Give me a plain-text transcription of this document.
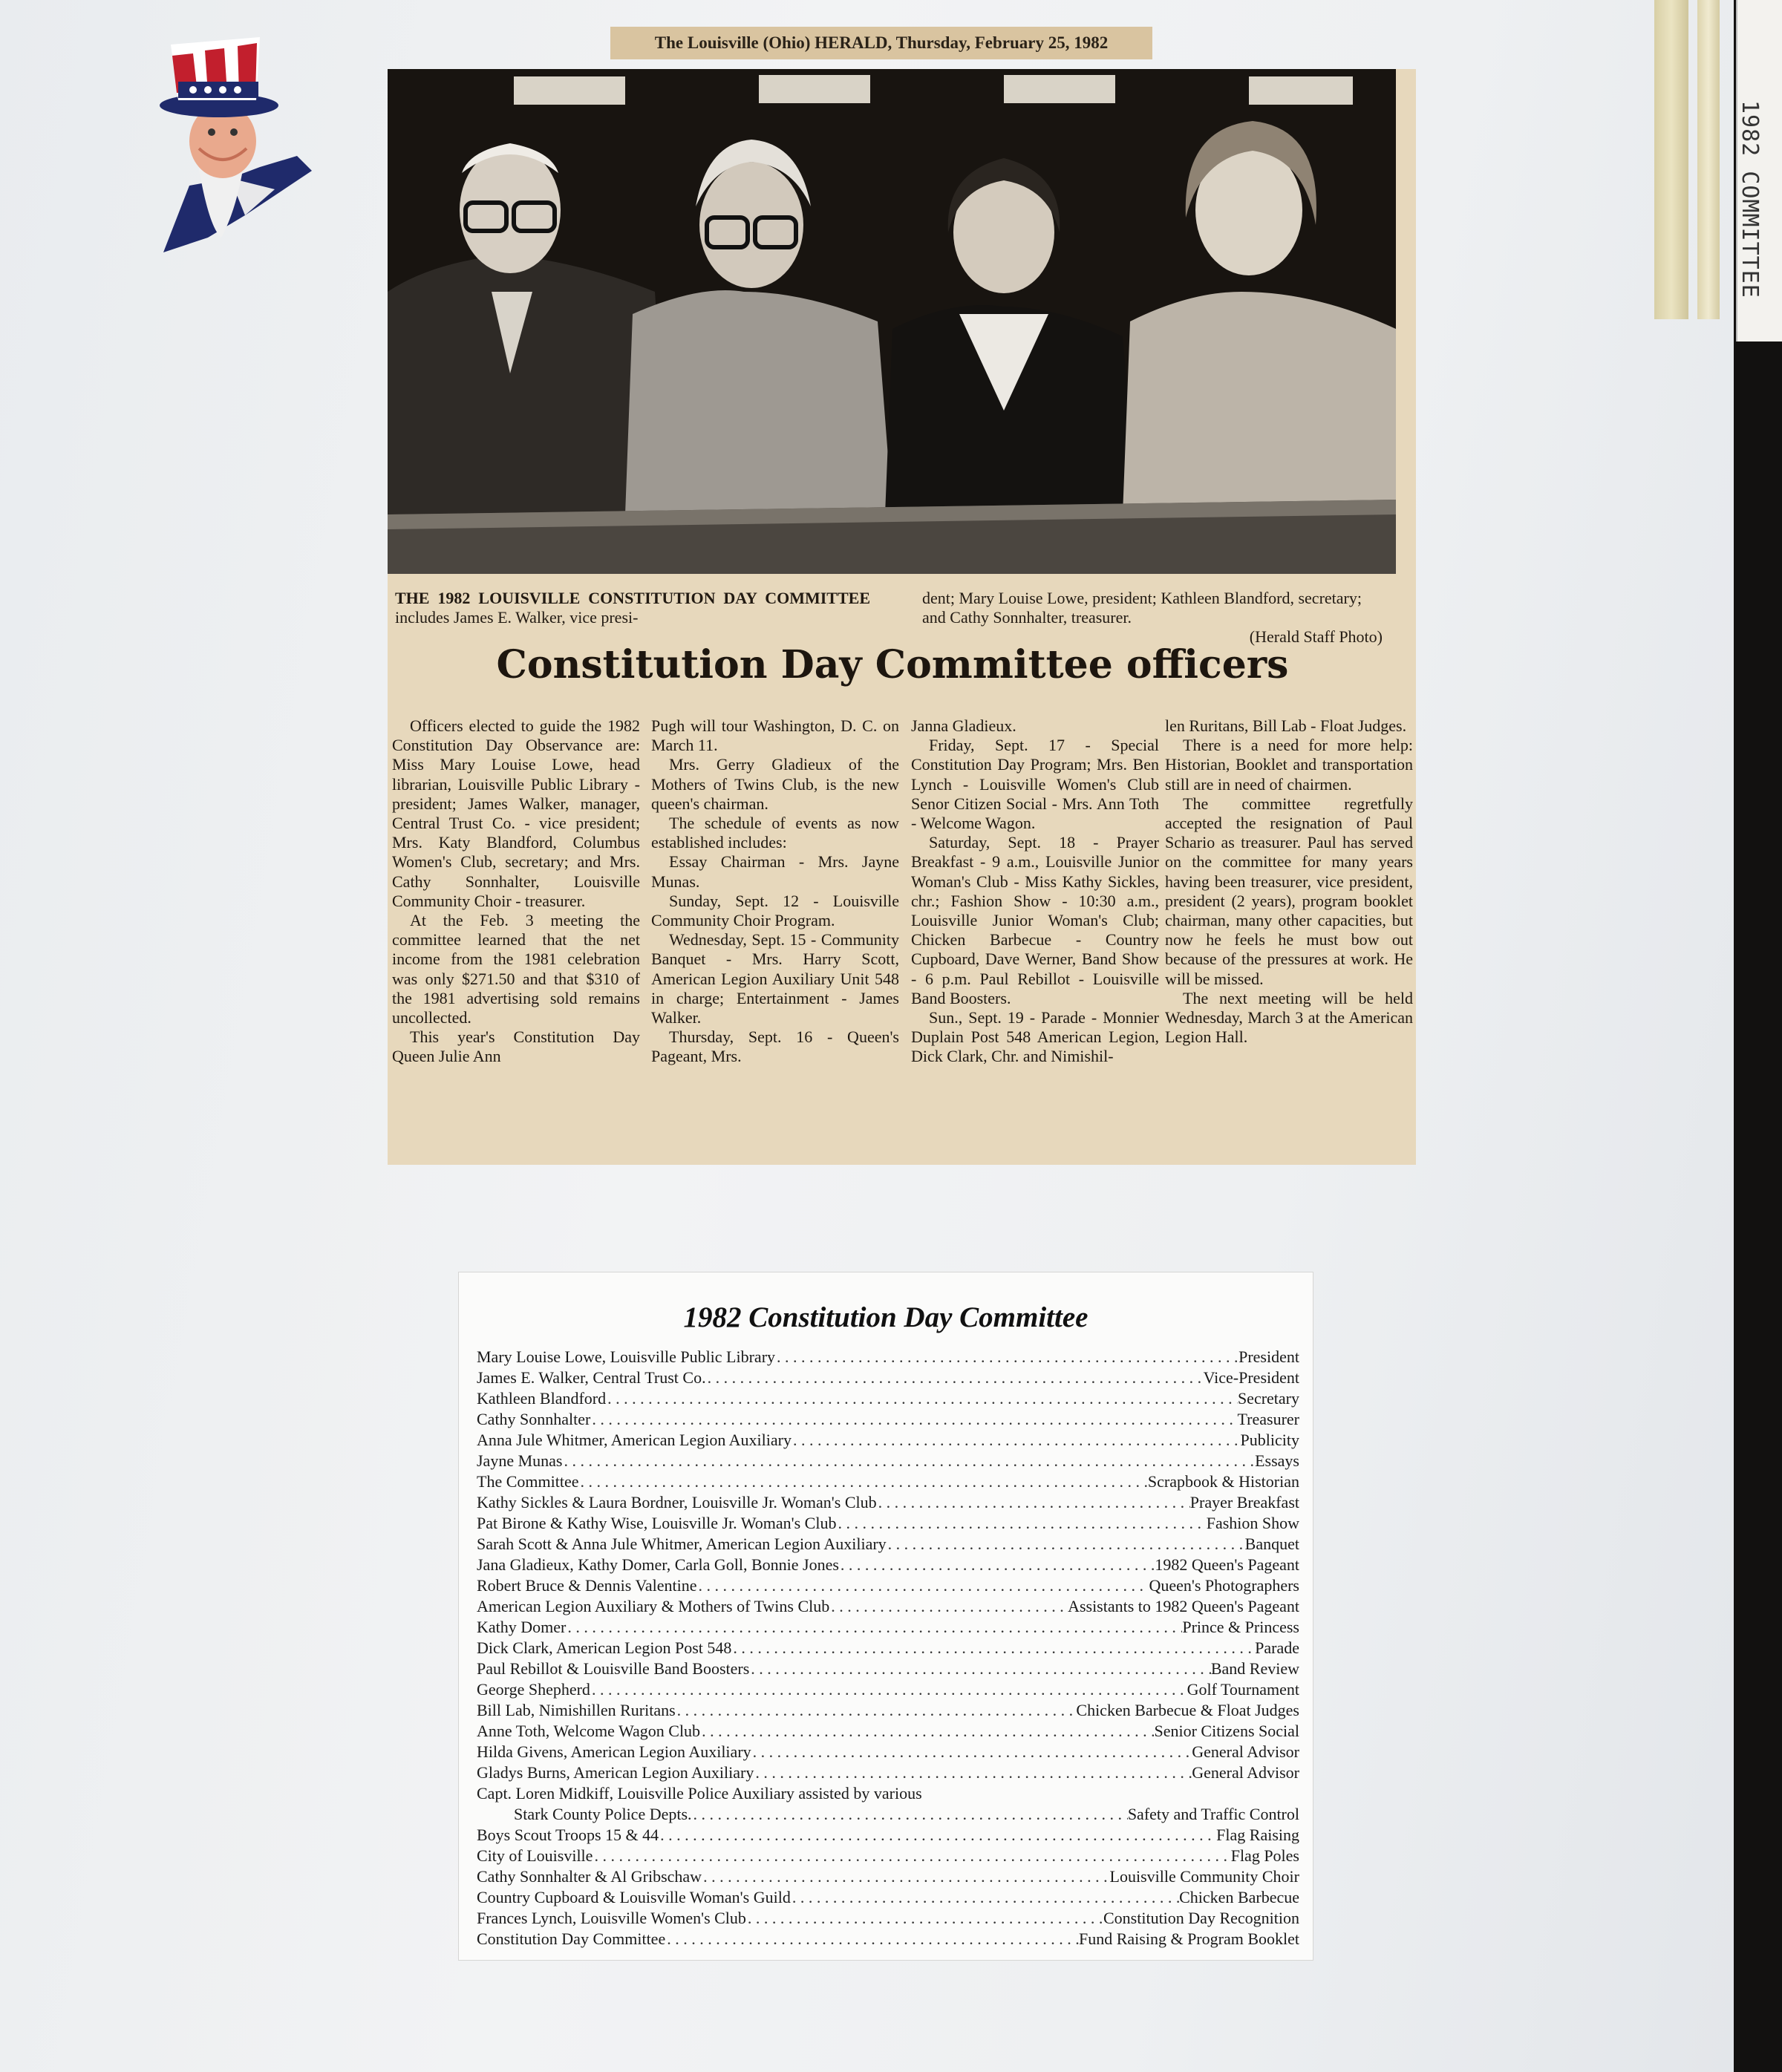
1982 COMMITTEE
The Louisville (Ohio) HERALD, Thursday, February 25, 1982
THE 1982 LOUISVILLE CONSTITUTION DAY COMMITTEE includes James E. Walker, vice presi-
dent; Mary Louise Lowe, president; Kathleen Blandford, secretary; and Cathy Sonnhalter, treasurer.
(Herald Staff Photo)
Constitution Day Committee officers

Officers elected to guide the 1982 Constitution Day Observance are: Miss Mary Louise Lowe, head librarian, Louisville Public Library - president; James Walker, manager, Central Trust Co. - vice president; Mrs. Katy Blandford, Columbus Women's Club, secretary; and Mrs. Cathy Sonnhalter, Louisville Community Choir - treasurer.

At the Feb. 3 meeting the committee learned that the net income from the 1981 celebration was only $271.50 and that $310 of the 1981 advertising sold remains uncollected.

This year's Constitution Day Queen Julie Ann

Pugh will tour Washington, D. C. on March 11.

Mrs. Gerry Gladieux of the Mothers of Twins Club, is the new queen's chairman.

The schedule of events as now established includes:

Essay Chairman - Mrs. Jayne Munas.

Sunday, Sept. 12 - Louisville Community Choir Program.

Wednesday, Sept. 15 - Community Banquet - Mrs. Harry Scott, American Legion Auxiliary Unit 548 in charge; Entertainment - James Walker.

Thursday, Sept. 16 - Queen's Pageant, Mrs.

Janna Gladieux.

Friday, Sept. 17 - Special Constitution Day Program; Mrs. Ben Lynch - Louisville Women's Club Senor Citizen Social - Mrs. Ann Toth - Welcome Wagon.

Saturday, Sept. 18 - Prayer Breakfast - 9 a.m., Louisville Junior Woman's Club - Miss Kathy Sickles, chr.; Fashion Show - 10:30 a.m., Louisville Junior Woman's Club; Chicken Barbecue - Country Cupboard, Dave Werner, Band Show - 6 p.m. Paul Rebillot - Louisville Band Boosters.

Sun., Sept. 19 - Parade - Monnier Duplain Post 548 American Legion, Dick Clark, Chr. and Nimishil-

len Ruritans, Bill Lab - Float Judges.

There is a need for more help: Historian, Booklet and transportation still are in need of chairmen.

The committee regretfully accepted the resignation of Paul Schario as treasurer. Paul has served on the committee for many years having been treasurer, vice president, president (2 years), program booklet chairman, many other capacities, but now he feels he must bow out because of the pressures at work. He will be missed.

The next meeting will be held Wednesday, March 3 at the American Legion Hall.

1982 Constitution Day Committee
Mary Louise Lowe, Louisville Public Library . . .	President
James E. Walker, Central Trust Co. . . .	Vice-President
Kathleen Blandford . . .	Secretary
Cathy Sonnhalter . . .	Treasurer
Anna Jule Whitmer, American Legion Auxiliary . . .	Publicity
Jayne Munas . . .	Essays
The Committee . . .	Scrapbook & Historian
Kathy Sickles & Laura Bordner, Louisville Jr. Woman's Club . . .	Prayer Breakfast
Pat Birone & Kathy Wise, Louisville Jr. Woman's Club . . .	Fashion Show
Sarah Scott & Anna Jule Whitmer, American Legion Auxiliary . . .	Banquet
Jana Gladieux, Kathy Domer, Carla Goll, Bonnie Jones . . .	1982 Queen's Pageant
Robert Bruce & Dennis Valentine . . .	Queen's Photographers
American Legion Auxiliary & Mothers of Twins Club . . .	Assistants to 1982 Queen's Pageant
Kathy Domer . . .	Prince & Princess
Dick Clark, American Legion Post 548 . . .	Parade
Paul Rebillot & Louisville Band Boosters . . .	Band Review
George Shepherd . . .	Golf Tournament
Bill Lab, Nimishillen Ruritans . . .	Chicken Barbecue & Float Judges
Anne Toth, Welcome Wagon Club . . .	Senior Citizens Social
Hilda Givens, American Legion Auxiliary . . .	General Advisor
Gladys Burns, American Legion Auxiliary . . .	General Advisor
Capt. Loren Midkiff, Louisville Police Auxiliary assisted by various
Stark County Police Depts. . . .	Safety and Traffic Control
Boys Scout Troops 15 & 44 . . .	Flag Raising
City of Louisville . . .	Flag Poles
Cathy Sonnhalter & Al Gribschaw . . .	Louisville Community Choir
Country Cupboard & Louisville Woman's Guild . . .	Chicken Barbecue
Frances Lynch, Louisville Women's Club . . .	Constitution Day Recognition
Constitution Day Committee . . .	Fund Raising & Program Booklet
